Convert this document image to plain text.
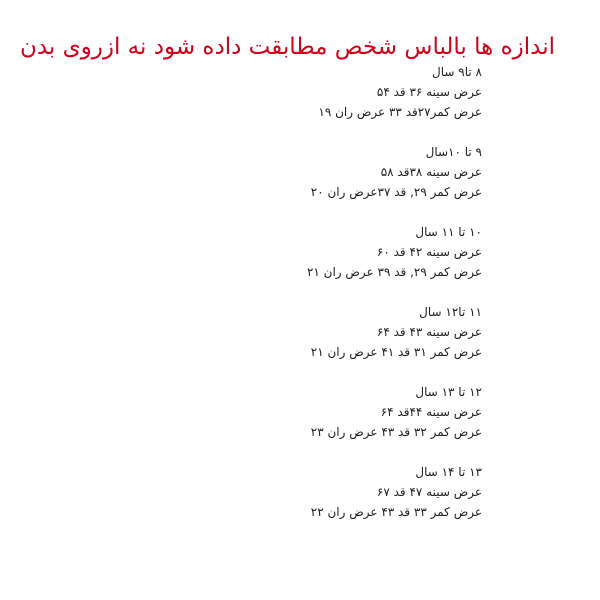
اندازه ها بالباس شخص مطابقت داده شود نه ازروی بدن
۸ تا۹ سال
عرض سینه ۳۶ قد ۵۴
عرض کمر۲۷قد ۳۳ عرض ران ۱۹
۹ تا ۱۰سال
عرض سینه ۳۸قد ۵۸
عرض کمر ۲۹, قد ۳۷عرض ران ۲۰
۱۰ تا ۱۱ سال
عرض سینه ۴۲ قد ۶۰
عرض کمر ۲۹, قد ۳۹ عرض ران ۲۱
۱۱ تا۱۲ سال
عرض سینه ۴۳ قد ۶۴
عرض کمر ۳۱ قد ۴۱ عرض ران ۲۱
۱۲ تا ۱۳ سال
عرض سینه ۴۴قد ۶۴
عرض کمر ۳۲ قد ۴۳ عرض ران ۲۳
۱۳ تا ۱۴ سال
عرض سینه ۴۷ قد ۶۷
عرض کمر ۳۳ قد ۴۳ عرض ران ۲۲
